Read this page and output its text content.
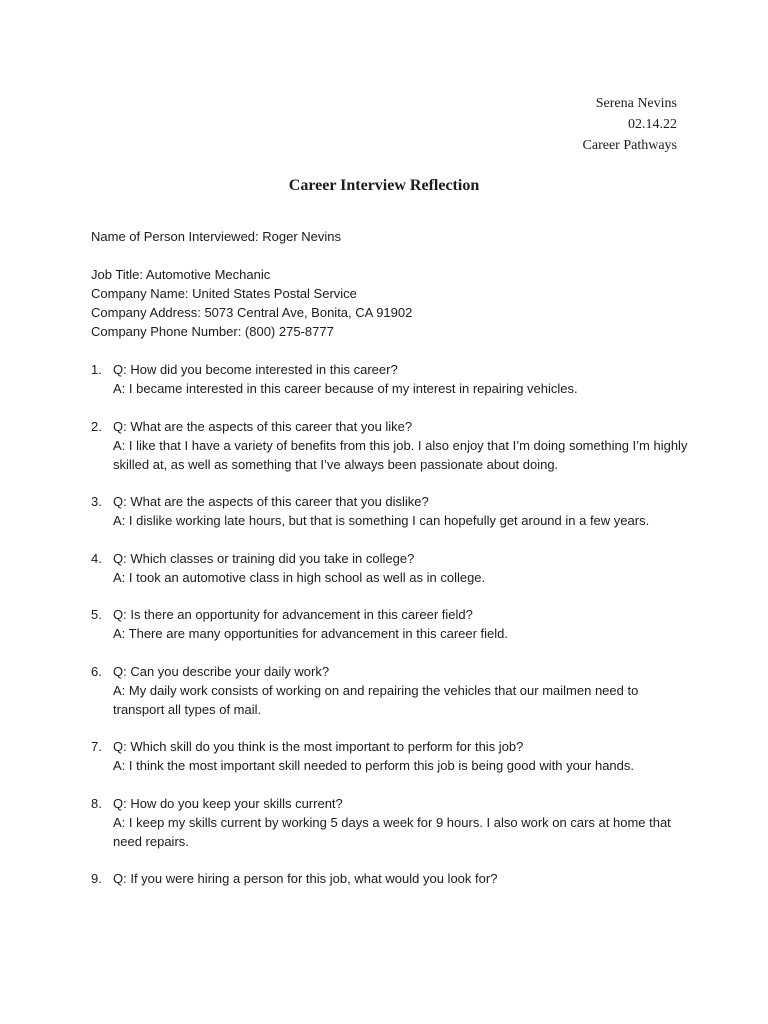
Serena Nevins
02.14.22
Career Pathways
Career Interview Reflection
Name of Person Interviewed: Roger Nevins
Job Title: Automotive Mechanic
Company Name: United States Postal Service
Company Address: 5073 Central Ave, Bonita, CA 91902
Company Phone Number: (800) 275-8777
1. Q: How did you become interested in this career?
A: I became interested in this career because of my interest in repairing vehicles.
2. Q: What are the aspects of this career that you like?
A: I like that I have a variety of benefits from this job. I also enjoy that I’m doing something I’m highly skilled at, as well as something that I’ve always been passionate about doing.
3. Q: What are the aspects of this career that you dislike?
A: I dislike working late hours, but that is something I can hopefully get around in a few years.
4. Q: Which classes or training did you take in college?
A: I took an automotive class in high school as well as in college.
5. Q: Is there an opportunity for advancement in this career field?
A: There are many opportunities for advancement in this career field.
6. Q: Can you describe your daily work?
A: My daily work consists of working on and repairing the vehicles that our mailmen need to transport all types of mail.
7. Q: Which skill do you think is the most important to perform for this job?
A: I think the most important skill needed to perform this job is being good with your hands.
8. Q: How do you keep your skills current?
A: I keep my skills current by working 5 days a week for 9 hours. I also work on cars at home that need repairs.
9. Q: If you were hiring a person for this job, what would you look for?
